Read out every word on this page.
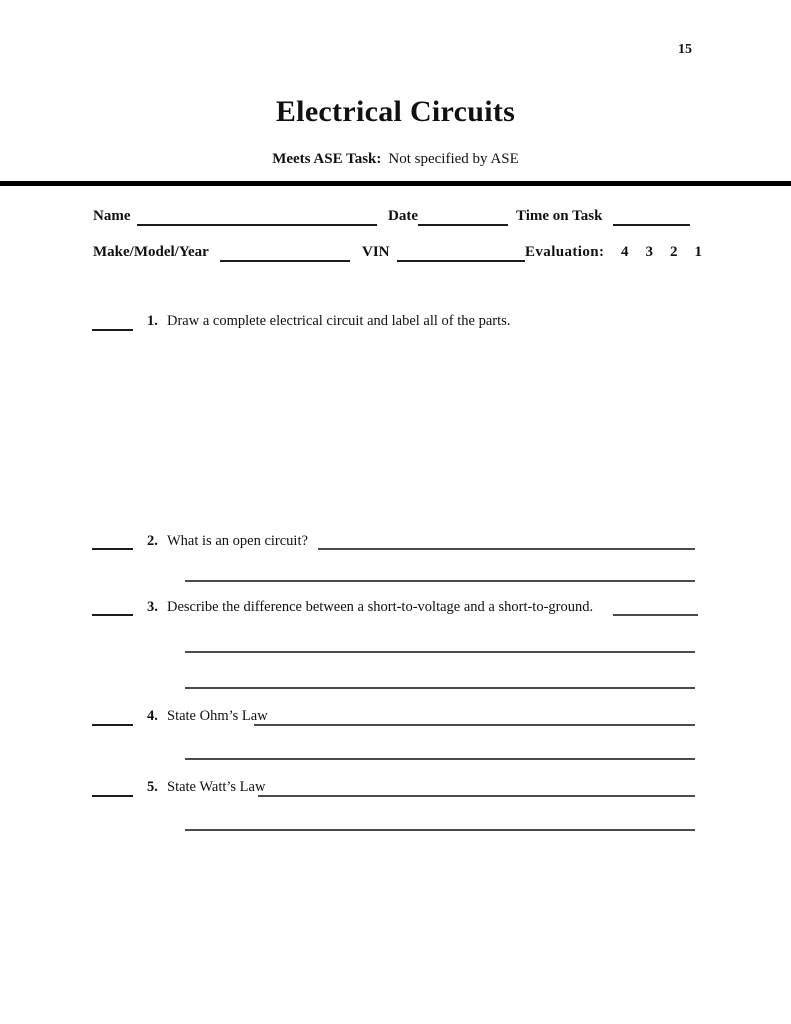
15
Electrical Circuits
Meets ASE Task: Not specified by ASE
Name	Date	Time on Task
Make/Model/Year	VIN	Evaluation: 4 3 2 1
1. Draw a complete electrical circuit and label all of the parts.
2. What is an open circuit?
3. Describe the difference between a short-to-voltage and a short-to-ground.
4. State Ohm’s Law
5. State Watt’s Law
